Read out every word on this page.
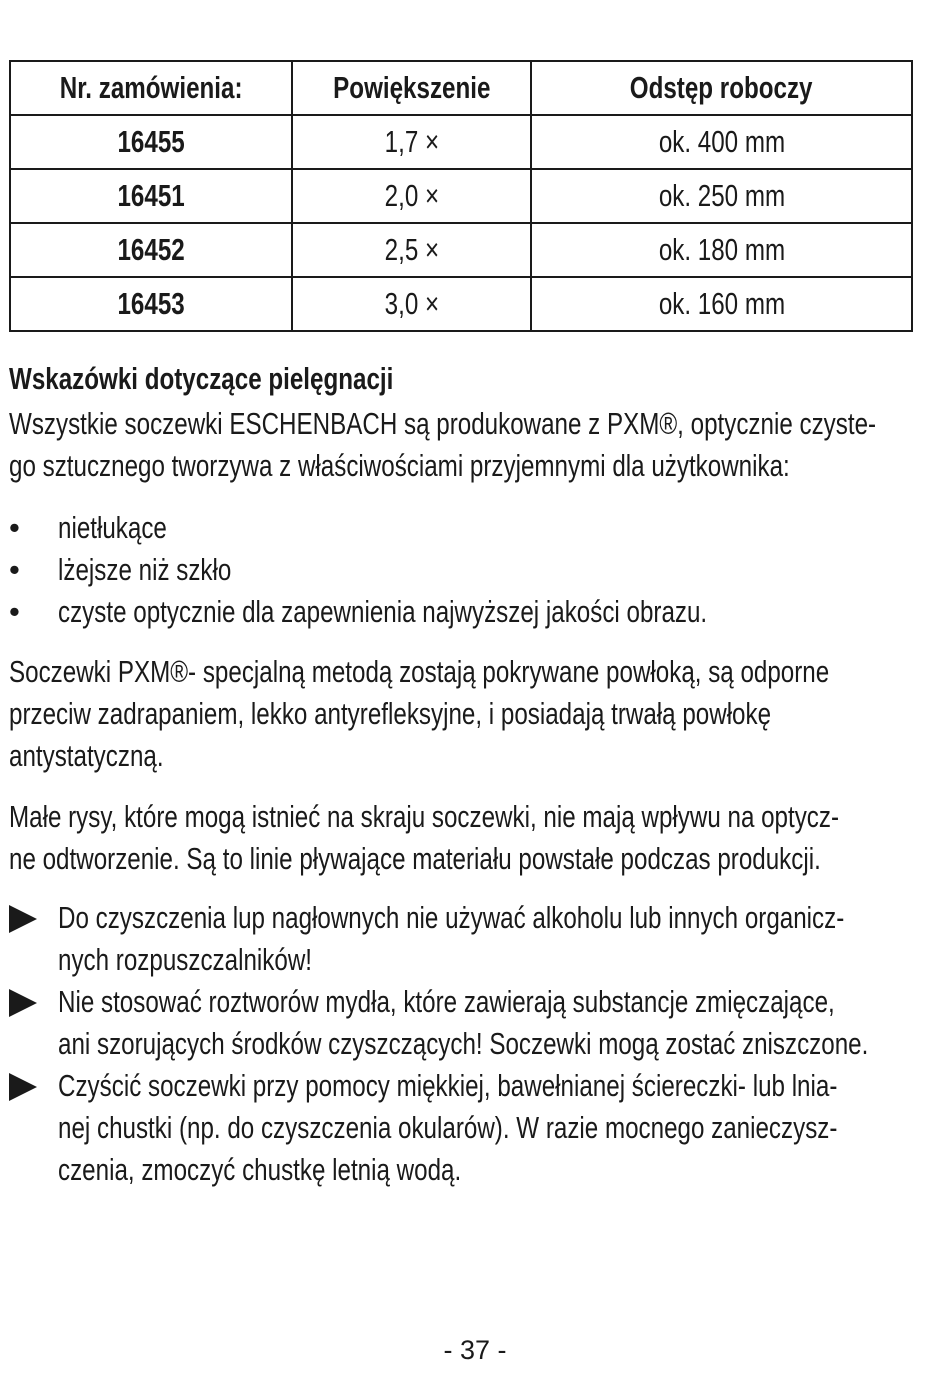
Nr. zamówienia:	Powiększenie	Odstęp roboczy
16455	1,7 ×	ok. 400 mm
16451	2,0 ×	ok. 250 mm
16452	2,5 ×	ok. 180 mm
16453	3,0 ×	ok. 160 mm
Wskazówki dotyczące pielęgnacji
Wszystkie soczewki ESCHENBACH są produkowane z PXM®, optycznie czyste-
go sztucznego tworzywa z właściwościami przyjemnymi dla użytkownika:
• nietłukące
• lżejsze niż szkło
• czyste optycznie dla zapewnienia najwyższej jakości obrazu.
Soczewki PXM®- specjalną metodą zostają pokrywane powłoką, są odporne
przeciw zadrapaniem, lekko antyrefleksyjne, i posiadają trwałą powłokę
antystatyczną.
Małe rysy, które mogą istnieć na skraju soczewki, nie mają wpływu na optycz-
ne odtworzenie. Są to linie pływające materiału powstałe podczas produkcji.
Do czyszczenia lup nagłownych nie używać alkoholu lub innych organicz-
nych rozpuszczalników!
Nie stosować roztworów mydła, które zawierają substancje zmięczające,
ani szorujących środków czyszczących! Soczewki mogą zostać zniszczone.
Czyścić soczewki przy pomocy miękkiej, bawełnianej ściereczki- lub lnia-
nej chustki (np. do czyszczenia okularów). W razie mocnego zanieczysz-
czenia, zmoczyć chustkę letnią wodą.
- 37 -
